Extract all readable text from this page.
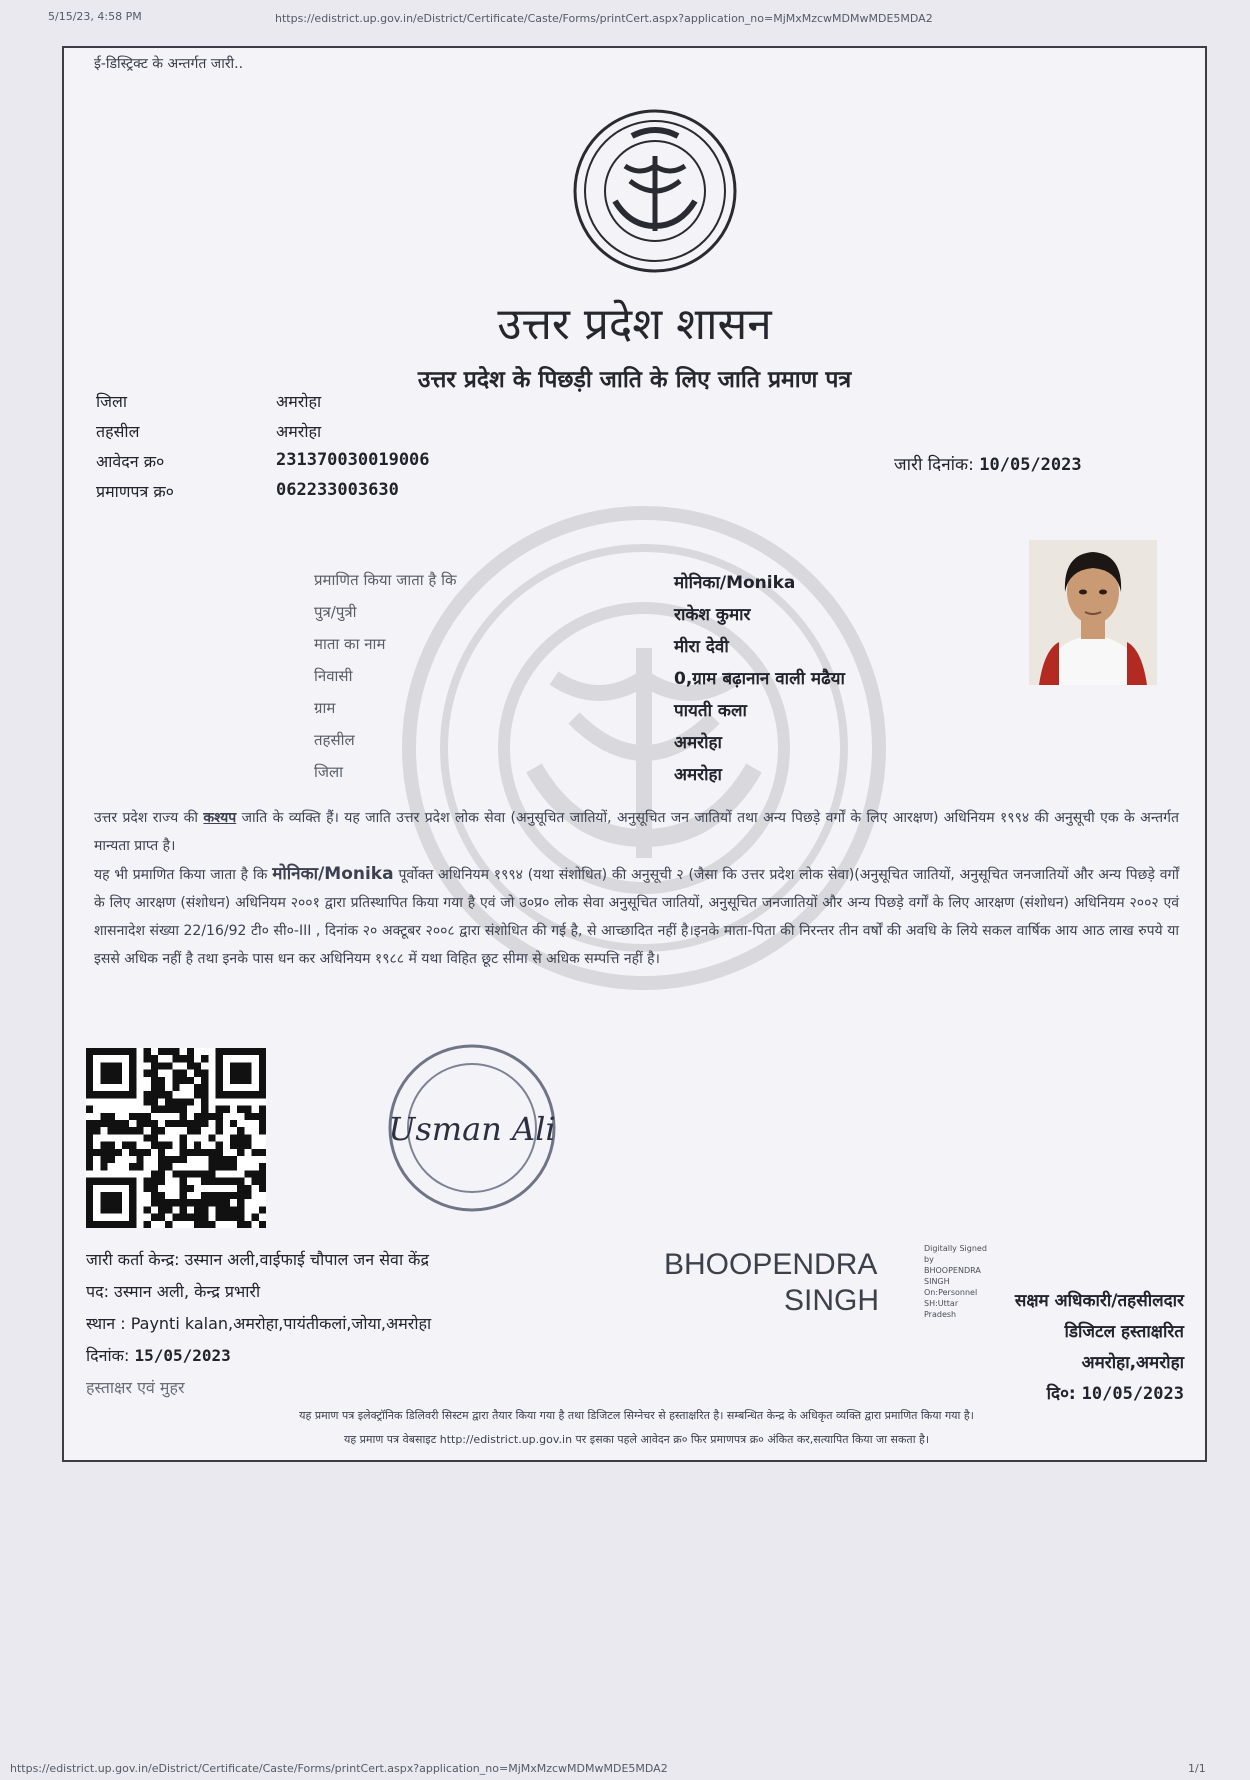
5/15/23, 4:58 PM	https://edistrict.up.gov.in/eDistrict/Certificate/Caste/Forms/printCert.aspx?application_no=MjMxMzcwMDMwMDE5MDA2
ई-डिस्ट्रिक्ट के अन्तर्गत जारी..
उत्तर प्रदेश शासन
उत्तर प्रदेश के पिछड़ी जाति के लिए जाति प्रमाण पत्र
जिला	अमरोहा
तहसील	अमरोहा
आवेदन क्र०	231370030019006
प्रमाणपत्र क्र०	062233003630
जारी दिनांक: 10/05/2023
प्रमाणित किया जाता है कि	मोनिका/Monika
पुत्र/पुत्री	राकेश कुमार
माता का नाम	मीरा देवी
निवासी	0,ग्राम बढ़ानान वाली मढैया
ग्राम	पायती कला
तहसील	अमरोहा
जिला	अमरोहा
उत्तर प्रदेश राज्य की कश्यप जाति के व्यक्ति हैं। यह जाति उत्तर प्रदेश लोक सेवा (अनुसूचित जातियों, अनुसूचित जन जातियों तथा अन्य पिछड़े वर्गों के लिए आरक्षण) अधिनियम १९९४ की अनुसूची एक के अन्तर्गत मान्यता प्राप्त है।
यह भी प्रमाणित किया जाता है कि मोनिका/Monika पूर्वोक्त अधिनियम १९९४ (यथा संशोधित) की अनुसूची २ (जैसा कि उत्तर प्रदेश लोक सेवा)(अनुसूचित जातियों, अनुसूचित जनजातियों और अन्य पिछड़े वर्गों के लिए आरक्षण (संशोधन) अधिनियम २००१ द्वारा प्रतिस्थापित किया गया है एवं जो उ०प्र० लोक सेवा अनुसूचित जातियों, अनुसूचित जनजातियों और अन्य पिछड़े वर्गों के लिए आरक्षण (संशोधन) अधिनियम २००२ एवं शासनादेश संख्या 22/16/92 टी० सी०-III , दिनांक २० अक्टूबर २००८ द्वारा संशोधित की गई है, से आच्छादित नहीं है।इनके माता-पिता की निरन्तर तीन वर्षों की अवधि के लिये सकल वार्षिक आय आठ लाख रुपये या इससे अधिक नहीं है तथा इनके पास धन कर अधिनियम १९८८ में यथा विहित छूट सीमा से अधिक सम्पत्ति नहीं है।
Usman Ali
जारी कर्ता केन्द्र: उस्मान अली,वाईफाई चौपाल जन सेवा केंद्र
पद: उस्मान अली, केन्द्र प्रभारी
स्थान : Paynti kalan,अमरोहा,पायंतीकलां,जोया,अमरोहा
दिनांक: 15/05/2023
हस्ताक्षर एवं मुहर
BHOOPENDRA
SINGH
Digitally Signed
by
BHOOPENDRA
SINGH
On:Personnel
SH:Uttar
Pradesh
सक्षम अधिकारी/तहसीलदार
डिजिटल हस्ताक्षरित
अमरोहा,अमरोहा
दि०: 10/05/2023
यह प्रमाण पत्र इलेक्ट्रॉनिक डिलिवरी सिस्टम द्वारा तैयार किया गया है तथा डिजिटल सिग्नेचर से हस्ताक्षरित है। सम्बन्धित केन्द्र के अधिकृत व्यक्ति द्वारा प्रमाणित किया गया है।
यह प्रमाण पत्र वेबसाइट http://edistrict.up.gov.in पर इसका पहले आवेदन क्र० फिर प्रमाणपत्र क्र० अंकित कर,सत्यापित किया जा सकता है।
https://edistrict.up.gov.in/eDistrict/Certificate/Caste/Forms/printCert.aspx?application_no=MjMxMzcwMDMwMDE5MDA2	1/1
